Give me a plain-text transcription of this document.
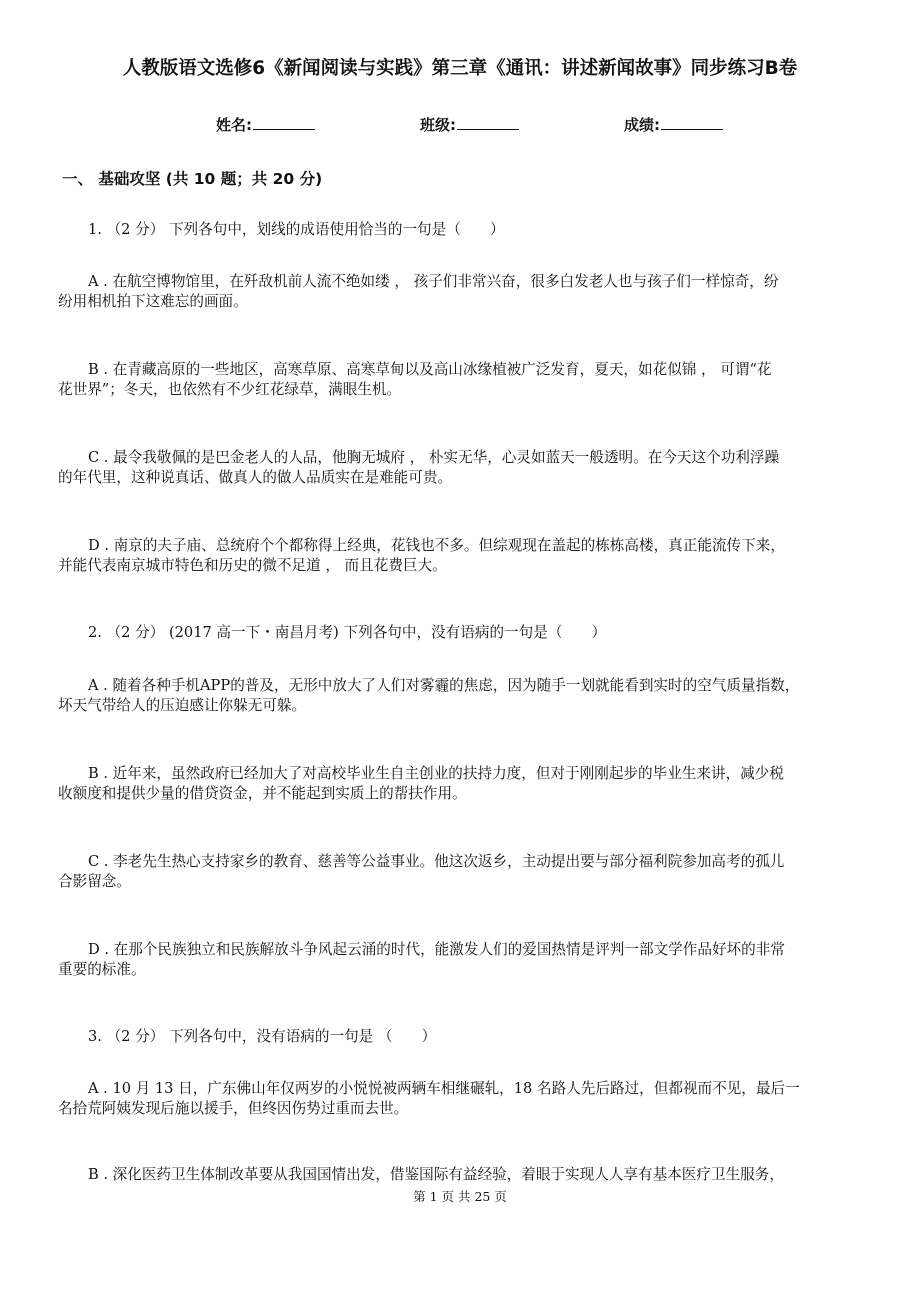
人教版语文选修6《新闻阅读与实践》第三章《通讯：讲述新闻故事》同步练习B卷
姓名:	班级:	成绩:
一、 基础攻坚 (共 10 题；共 20 分)
1. （2 分） 下列各句中，划线的成语使用恰当的一句是（　　）
A . 在航空博物馆里，在歼敌机前人流不绝如缕 ， 孩子们非常兴奋，很多白发老人也与孩子们一样惊奇，纷
纷用相机拍下这难忘的画面。
B . 在青藏高原的一些地区，高寒草原、高寒草甸以及高山冰缘植被广泛发育，夏天，如花似锦 ， 可谓“花
花世界”；冬天，也依然有不少红花绿草，满眼生机。
C . 最令我敬佩的是巴金老人的人品，他胸无城府 ， 朴实无华，心灵如蓝天一般透明。在今天这个功利浮躁
的年代里，这种说真话、做真人的做人品质实在是难能可贵。
D . 南京的夫子庙、总统府个个都称得上经典，花钱也不多。但综观现在盖起的栋栋高楼，真正能流传下来，
并能代表南京城市特色和历史的微不足道 ， 而且花费巨大。
2. （2 分） (2017 高一下・南昌月考) 下列各句中，没有语病的一句是（　　）
A . 随着各种手机APP的普及，无形中放大了人们对雾霾的焦虑，因为随手一划就能看到实时的空气质量指数，
坏天气带给人的压迫感让你躲无可躲。
B . 近年来，虽然政府已经加大了对高校毕业生自主创业的扶持力度，但对于刚刚起步的毕业生来讲，减少税
收额度和提供少量的借贷资金，并不能起到实质上的帮扶作用。
C . 李老先生热心支持家乡的教育、慈善等公益事业。他这次返乡，主动提出要与部分福利院参加高考的孤儿
合影留念。
D . 在那个民族独立和民族解放斗争风起云涌的时代，能激发人们的爱国热情是评判一部文学作品好坏的非常
重要的标准。
3. （2 分） 下列各句中，没有语病的一句是 （　　）
A . 10 月 13 日，广东佛山年仅两岁的小悦悦被两辆车相继碾轧，18 名路人先后路过，但都视而不见，最后一
名拾荒阿姨发现后施以援手，但终因伤势过重而去世。
B . 深化医药卫生体制改革要从我国国情出发，借鉴国际有益经验，着眼于实现人人享有基本医疗卫生服务，
第 1 页 共 25 页
